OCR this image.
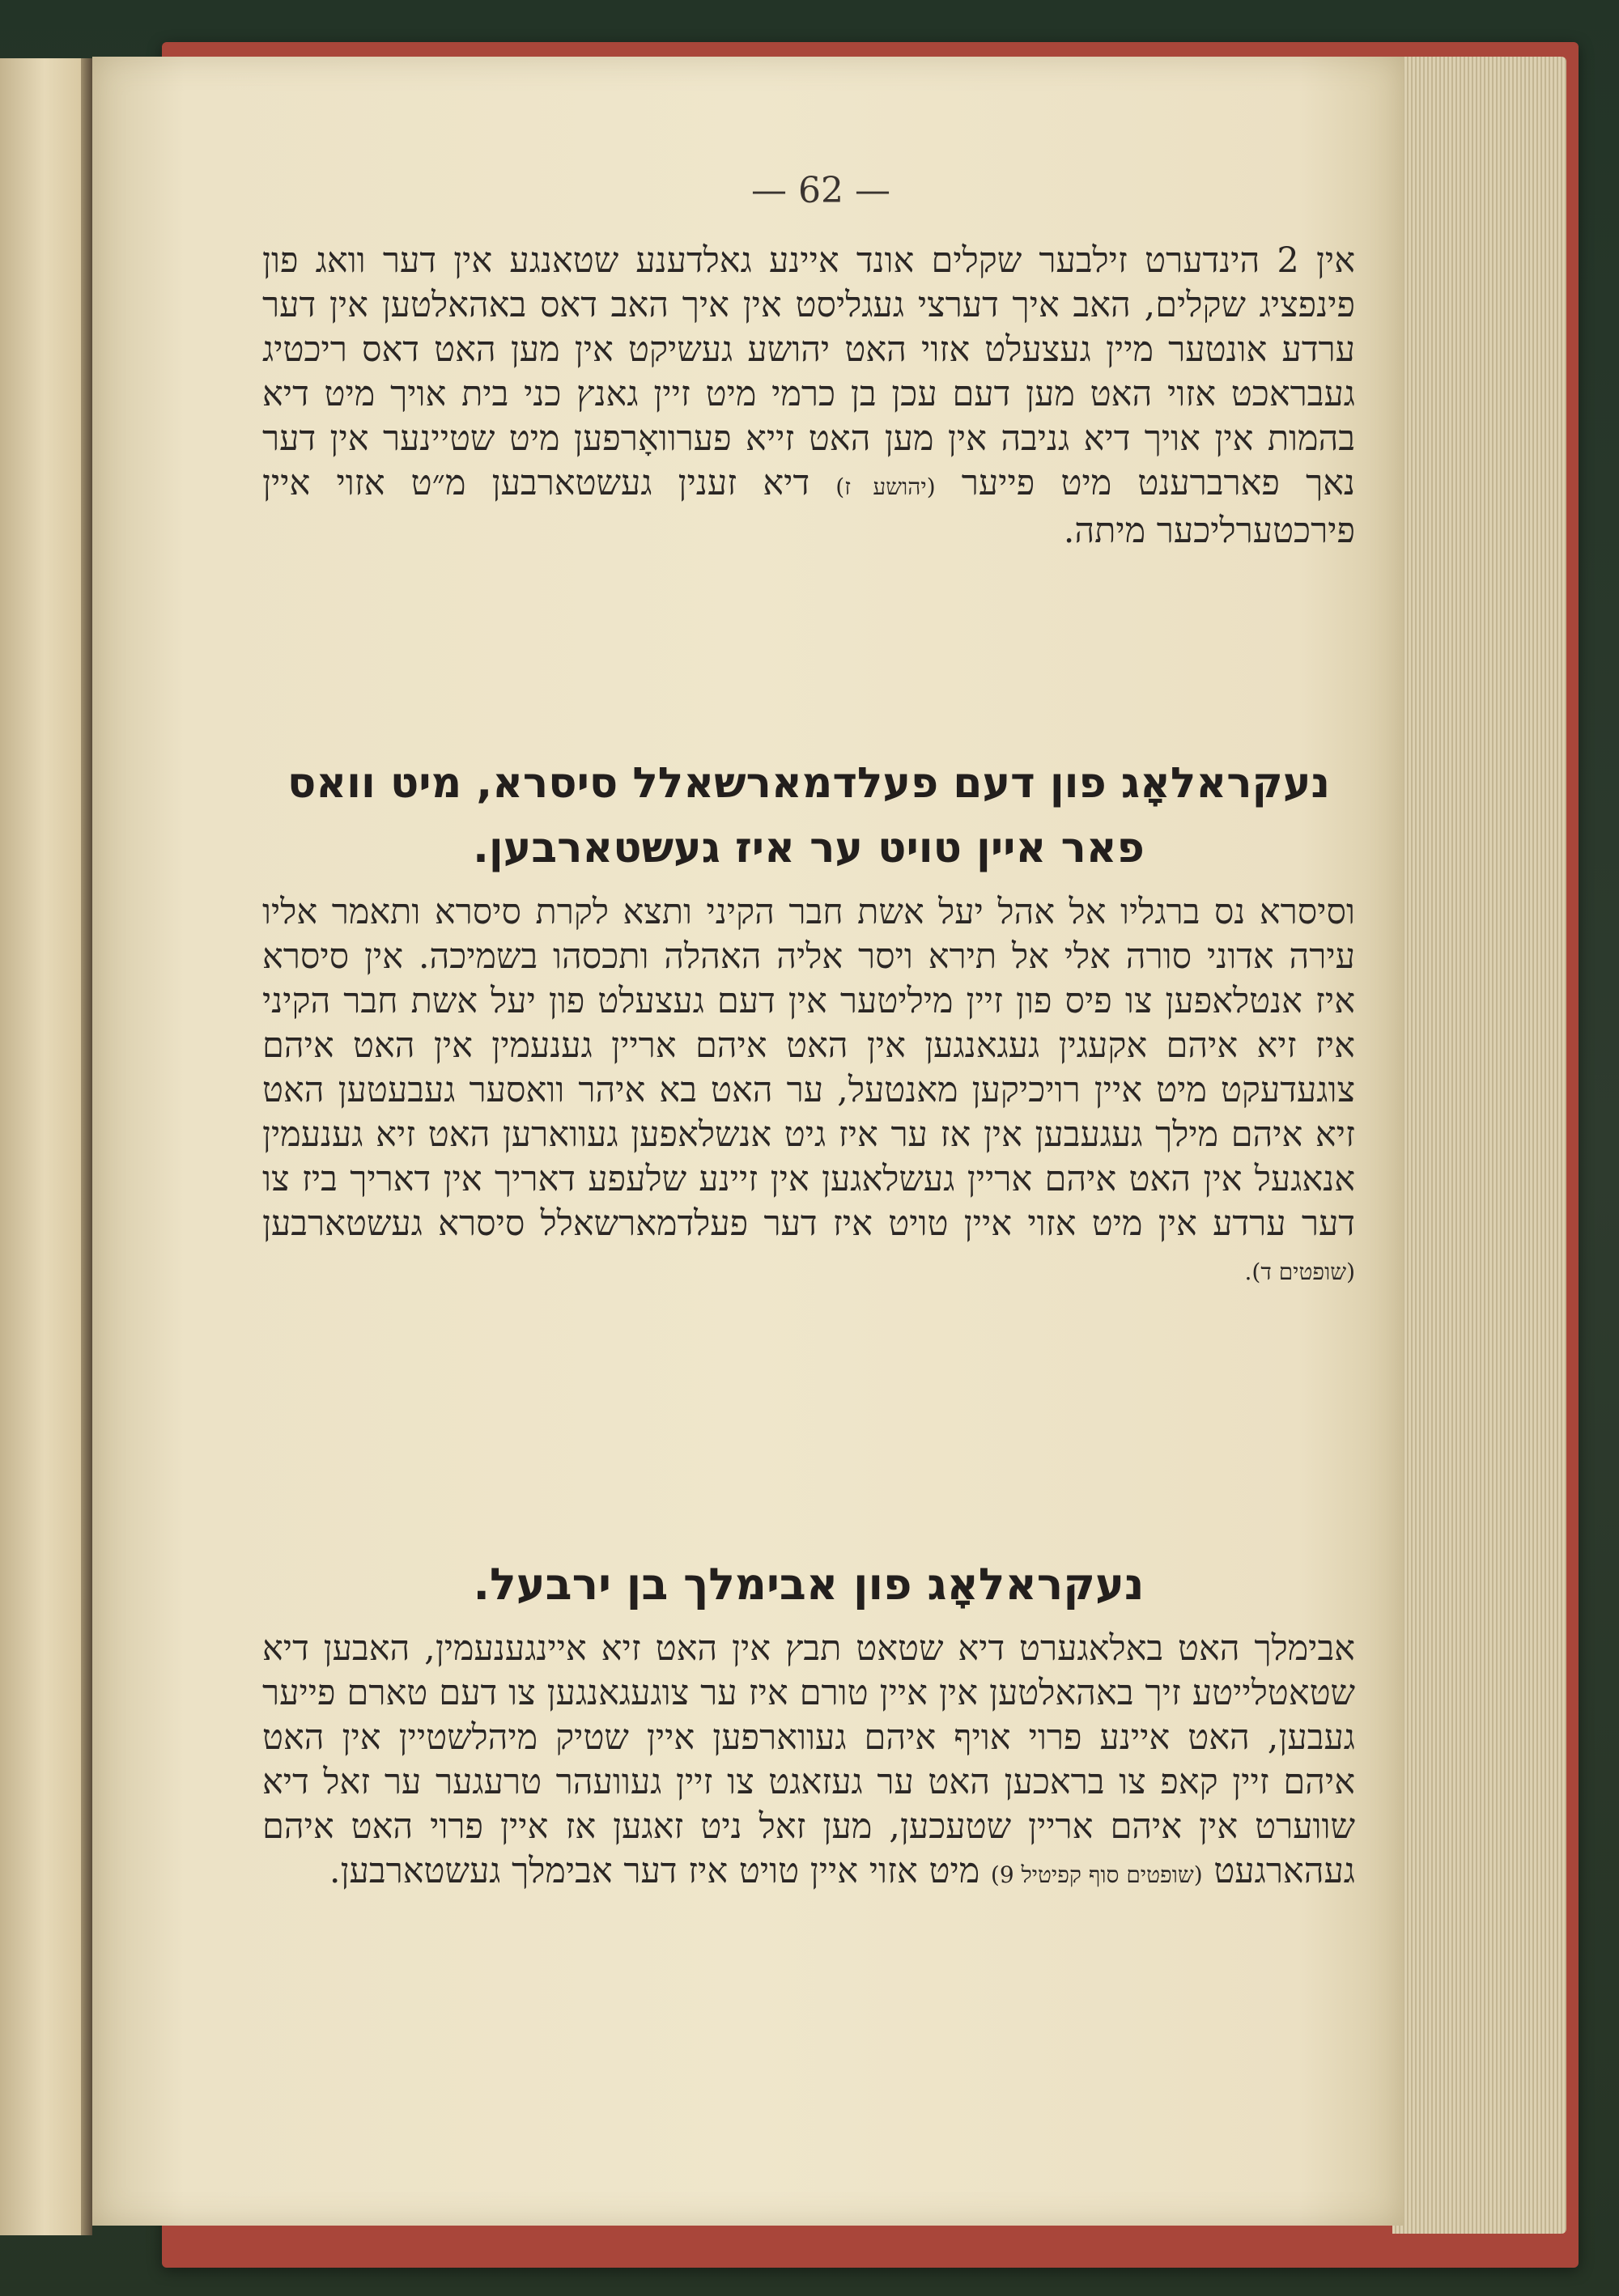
— 62 —

אין 2 הינדערט זילבער שקלים אונד איינע גאלדענע שטאנגע אין דער וואג פון פינפציג שקלים, האב איך דערצי געגליסט אין איך האב דאס באהאלטען אין דער ערדע אונטער מיין געצעלט אזוי האט יהושע געשיקט אין מען האט דאס ריכטיג געבראכט אזוי האט מען דעם עכן בן כרמי מיט זיין גאנץ כני בית אויך מיט דיא בהמות אין אויך דיא גניבה אין מען האט זייא פערוואָרפען מיט שטיינער אין דער נאך פארברענט מיט פייער (יהושע ז) דיא זענין געשטארבען מ״ט אזוי איין פירכטערליכער מיתה.

נעקראלאָג פון דעם פעלדמארשאלל סיסרא, מיט וואס פאר איין טויט ער איז געשטארבען.

וסיסרא נס ברגליו אל אהל יעל אשת חבר הקיני ותצא לקרת סיסרא ותאמר אליו עירה אדוני סורה אלי אל תירא ויסר אליה האהלה ותכסהו בשמיכה. אין סיסרא איז אנטלאפען צו פיס פון זיין מיליטער אין דעם געצעלט פון יעל אשת חבר הקיני איז זיא איהם אקעגין געגאנגען אין האט איהם אריין גענעמין אין האט איהם צוגעדעקט מיט איין רויכיקען מאנטעל, ער האט בא איהר וואסער געבעטען האט זיא איהם מילך געגעבען אין אז ער איז גיט אנשלאפען געווארען האט זיא גענעמין אנאגעל אין האט איהם אריין געשלאגען אין זיינע שלעפע דאריך אין דאריך ביז צו דער ערדע אין מיט אזוי איין טויט איז דער פעלדמארשאלל סיסרא געשטארבען (שופטים ד).

נעקראלאָג פון אבימלך בן ירבעל.

אבימלך האט באלאגערט דיא שטאט תבץ אין האט זיא איינגענעמין, האבען דיא שטאטלייטע זיך באהאלטען אין איין טורם איז ער צוגעגאנגען צו דעם טארם פייער געבען, האט איינע פרוי אויף איהם געווארפען איין שטיק מיהלשטיין אין האט איהם זיין קאפ צו בראכען האט ער געזאגט צו זיין געוועהר טרעגער ער זאל דיא שווערט אין איהם אריין שטעכען, מען זאל ניט זאגען אז איין פרוי האט איהם געהארגעט (שופטים סוף קפיטיל 9) מיט אזוי איין טויט איז דער אבימלך געשטארבען.
